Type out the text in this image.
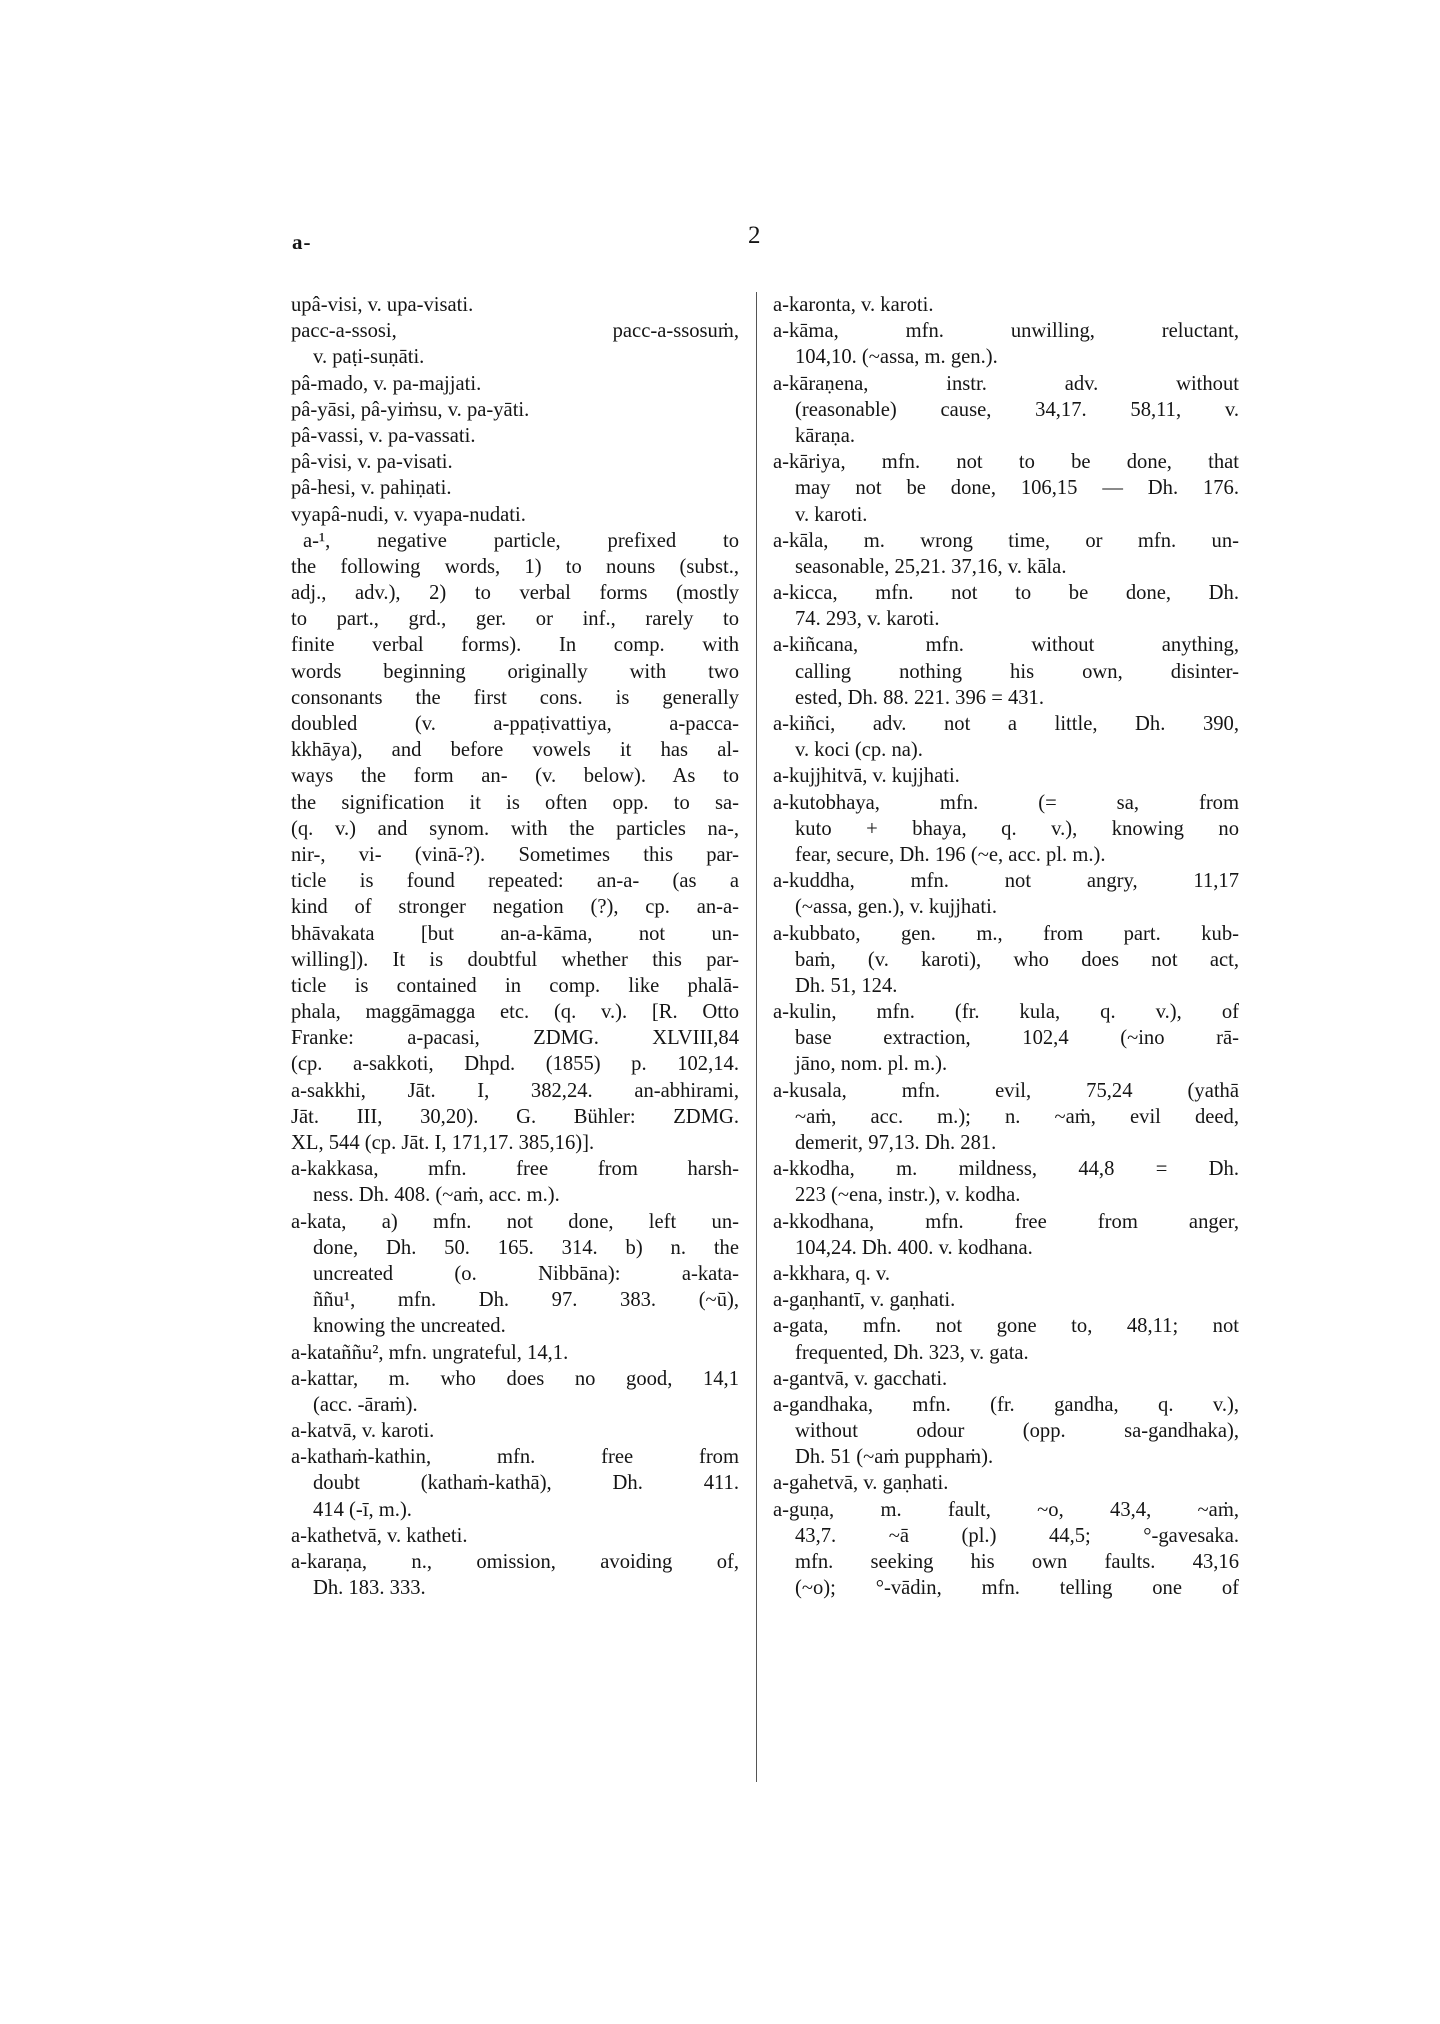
a-	2
upâ-visi, v. upa-visati.
pacc-a-ssosi, pacc-a-ssosuṁ,
v. paṭi-suṇāti.
pâ-mado, v. pa-majjati.
pâ-yāsi, pâ-yiṁsu, v. pa-yāti.
pâ-vassi, v. pa-vassati.
pâ-visi, v. pa-visati.
pâ-hesi, v. pahiṇati.
vyapâ-nudi, v. vyapa-nudati.
a-¹, negative particle, prefixed to
the following words, 1) to nouns (subst.,
adj., adv.), 2) to verbal forms (mostly
to part., grd., ger. or inf., rarely to
finite verbal forms). In comp. with
words beginning originally with two
consonants the first cons. is generally
doubled (v. a-ppaṭivattiya, a-pacca-
kkhāya), and before vowels it has al-
ways the form an- (v. below). As to
the signification it is often opp. to sa-
(q. v.) and synom. with the particles na-,
nir-, vi- (vinā-?). Sometimes this par-
ticle is found repeated: an-a- (as a
kind of stronger negation (?), cp. an-a-
bhāvakata [but an-a-kāma, not un-
willing]). It is doubtful whether this par-
ticle is contained in comp. like phalā-
phala, maggāmagga etc. (q. v.). [R. Otto
Franke: a-pacasi, ZDMG. XLVIII,84
(cp. a-sakkoti, Dhpd. (1855) p. 102,14.
a-sakkhi, Jāt. I, 382,24. an-abhirami,
Jāt. III, 30,20). G. Bühler: ZDMG.
XL, 544 (cp. Jāt. I, 171,17. 385,16)].
a-kakkasa, mfn. free from harsh-
ness. Dh. 408. (~aṁ, acc. m.).
a-kata, a) mfn. not done, left un-
done, Dh. 50. 165. 314. b) n. the
uncreated (o. Nibbāna): a-kata-
ññu¹, mfn. Dh. 97. 383. (~ū),
knowing the uncreated.
a-kataññu², mfn. ungrateful, 14,1.
a-kattar, m. who does no good, 14,1
(acc. -āraṁ).
a-katvā, v. karoti.
a-kathaṁ-kathin, mfn. free from
doubt (kathaṁ-kathā), Dh. 411.
414 (-ī, m.).
a-kathetvā, v. katheti.
a-karaṇa, n., omission, avoiding of,
Dh. 183. 333.
a-karonta, v. karoti.
a-kāma, mfn. unwilling, reluctant,
104,10. (~assa, m. gen.).
a-kāraṇena, instr. adv. without
(reasonable) cause, 34,17. 58,11, v.
kāraṇa.
a-kāriya, mfn. not to be done, that
may not be done, 106,15 — Dh. 176.
v. karoti.
a-kāla, m. wrong time, or mfn. un-
seasonable, 25,21. 37,16, v. kāla.
a-kicca, mfn. not to be done, Dh.
74. 293, v. karoti.
a-kiñcana, mfn. without anything,
calling nothing his own, disinter-
ested, Dh. 88. 221. 396 = 431.
a-kiñci, adv. not a little, Dh. 390,
v. koci (cp. na).
a-kujjhitvā, v. kujjhati.
a-kutobhaya, mfn. (= sa, from
kuto + bhaya, q. v.), knowing no
fear, secure, Dh. 196 (~e, acc. pl. m.).
a-kuddha, mfn. not angry, 11,17
(~assa, gen.), v. kujjhati.
a-kubbato, gen. m., from part. kub-
baṁ, (v. karoti), who does not act,
Dh. 51, 124.
a-kulin, mfn. (fr. kula, q. v.), of
base extraction, 102,4 (~ino rā-
jāno, nom. pl. m.).
a-kusala, mfn. evil, 75,24 (yathā
~aṁ, acc. m.); n. ~aṁ, evil deed,
demerit, 97,13. Dh. 281.
a-kkodha, m. mildness, 44,8 = Dh.
223 (~ena, instr.), v. kodha.
a-kkodhana, mfn. free from anger,
104,24. Dh. 400. v. kodhana.
a-kkhara, q. v.
a-gaṇhantī, v. gaṇhati.
a-gata, mfn. not gone to, 48,11; not
frequented, Dh. 323, v. gata.
a-gantvā, v. gacchati.
a-gandhaka, mfn. (fr. gandha, q. v.),
without odour (opp. sa-gandhaka),
Dh. 51 (~aṁ pupphaṁ).
a-gahetvā, v. gaṇhati.
a-guṇa, m. fault, ~o, 43,4, ~aṁ,
43,7. ~ā (pl.) 44,5; °-gavesaka.
mfn. seeking his own faults. 43,16
(~o); °-vādin, mfn. telling one of
